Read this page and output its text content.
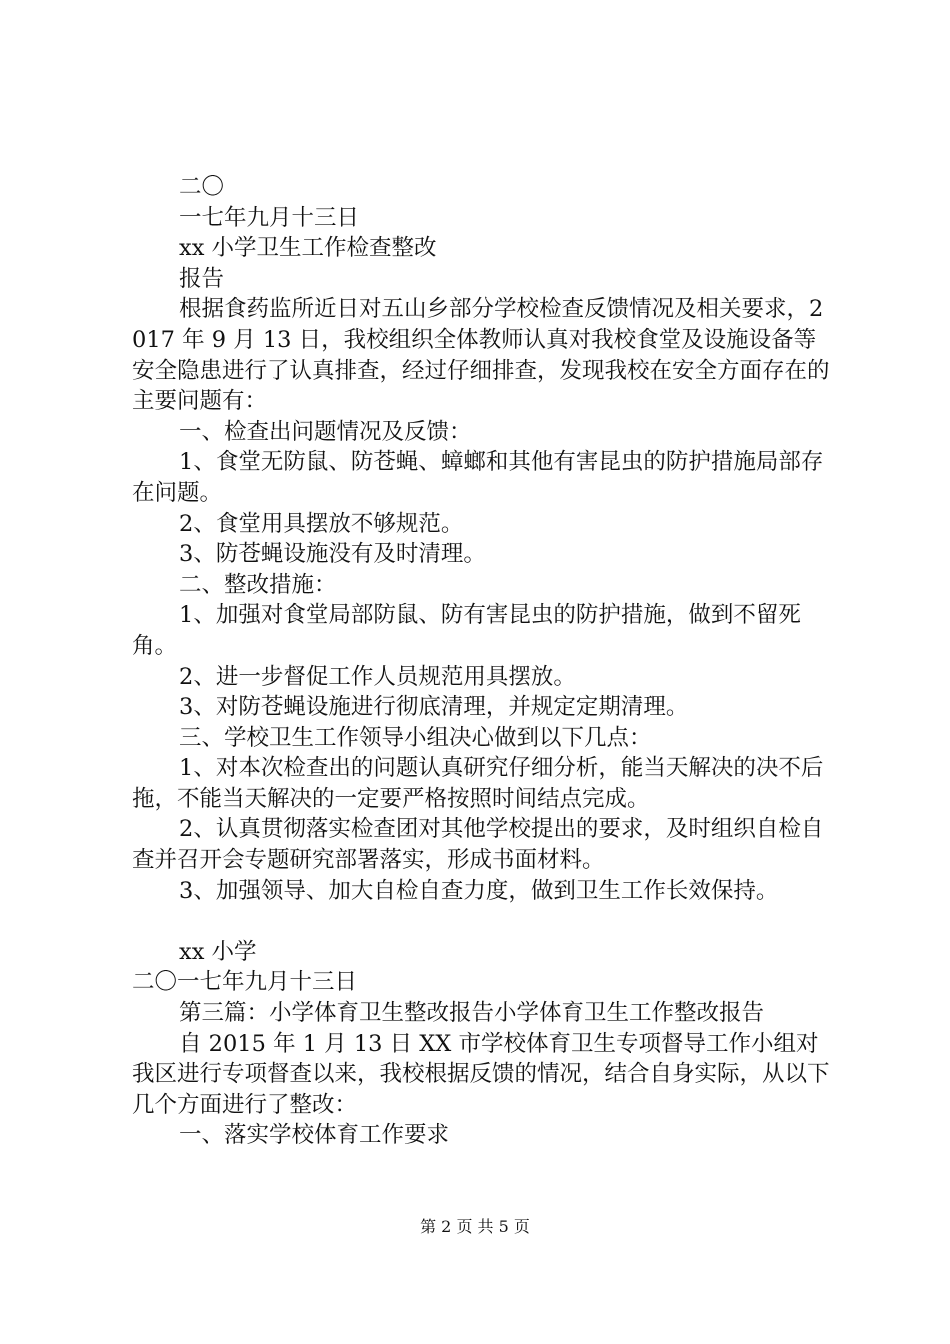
二〇

一七年九月十三日

xx 小学卫生工作检查整改

报告

根据食药监所近日对五山乡部分学校检查反馈情况及相关要求，2017 年 9 月 13 日，我校组织全体教师认真对我校食堂及设施设备等安全隐患进行了认真排查，经过仔细排查，发现我校在安全方面存在的主要问题有：

一、检查出问题情况及反馈：

1、食堂无防鼠、防苍蝇、蟑螂和其他有害昆虫的防护措施局部存在问题。

2、食堂用具摆放不够规范。

3、防苍蝇设施没有及时清理。

二、整改措施：

1、加强对食堂局部防鼠、防有害昆虫的防护措施，做到不留死角。

2、进一步督促工作人员规范用具摆放。

3、对防苍蝇设施进行彻底清理，并规定定期清理。

三、学校卫生工作领导小组决心做到以下几点：

1、对本次检查出的问题认真研究仔细分析，能当天解决的决不后拖，不能当天解决的一定要严格按照时间结点完成。

2、认真贯彻落实检查团对其他学校提出的要求，及时组织自检自查并召开会专题研究部署落实，形成书面材料。

3、加强领导、加大自检自查力度，做到卫生工作长效保持。

xx 小学

二〇一七年九月十三日

第三篇：小学体育卫生整改报告小学体育卫生工作整改报告

自 2015 年 1 月 13 日 XX 市学校体育卫生专项督导工作小组对我区进行专项督查以来，我校根据反馈的情况，结合自身实际，从以下几个方面进行了整改：

一、落实学校体育工作要求

第 2 页 共 5 页
